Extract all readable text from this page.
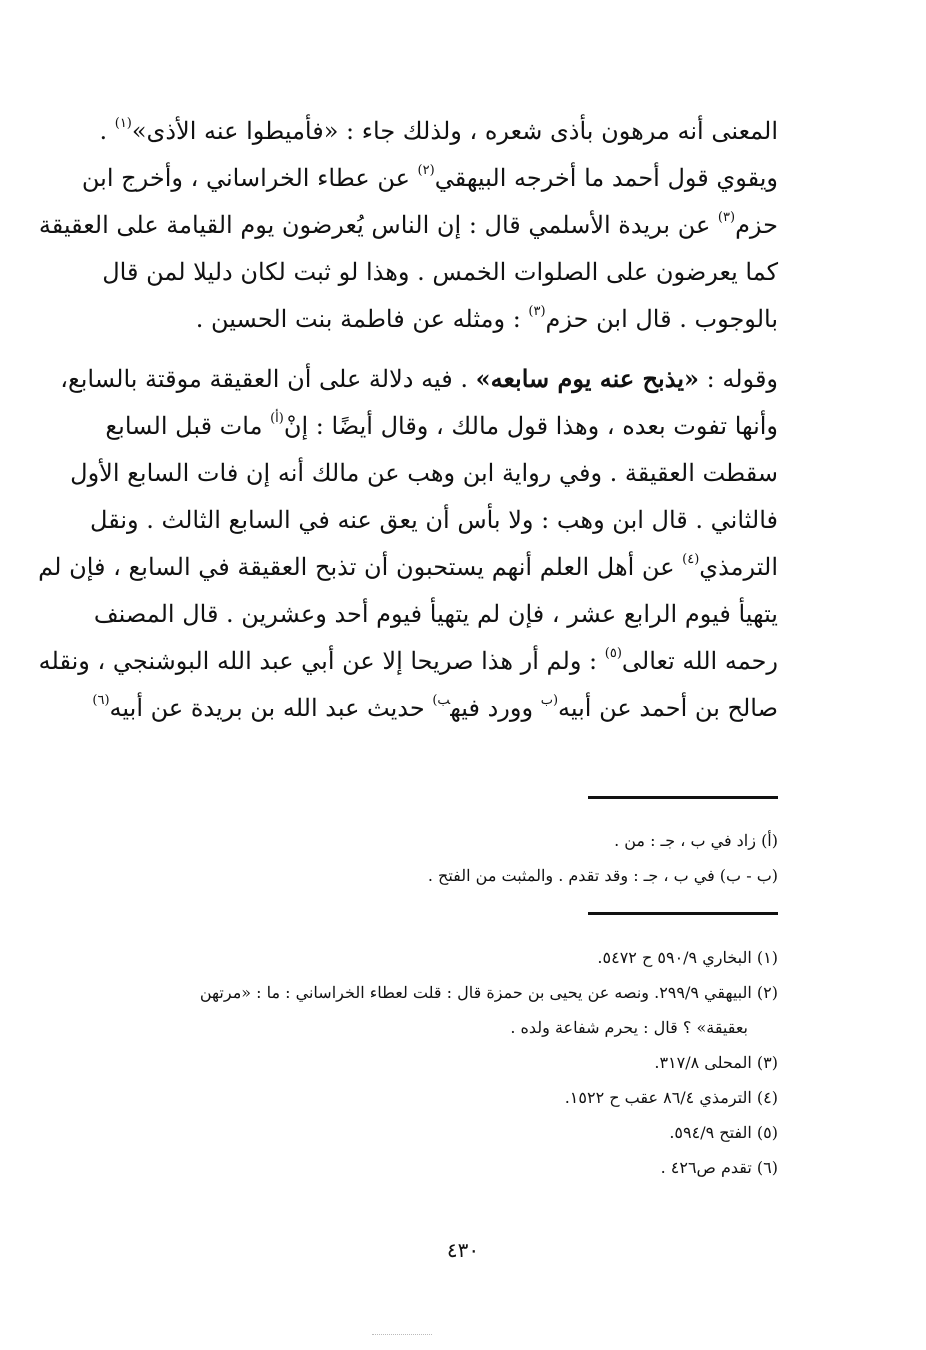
المعنى أنه مرهون بأذى شعره ، ولذلك جاء : «فأميطوا عنه الأذى»$^{(١)}$ .
ويقوي قول أحمد ما أخرجه البيهقي$^{(٢)}$ عن عطاء الخراساني ، وأخرج ابن
حزم$^{(٣)}$ عن بريدة الأسلمي قال : إن الناس يُعرضون يوم القيامة على العقيقة
كما يعرضون على الصلوات الخمس . وهذا لو ثبت لكان دليلا لمن قال
بالوجوب . قال ابن حزم$^{(٣)}$ : ومثله عن فاطمة بنت الحسين .

وقوله : «يذبح عنه يوم سابعه» . فيه دلالة على أن العقيقة موقتة بالسابع،
وأنها تفوت بعده ، وهذا قول مالك ، وقال أيضًا : إنْ$^{(أ)}$ مات قبل السابع
سقطت العقيقة . وفي رواية ابن وهب عن مالك أنه إن فات السابع الأول
فالثاني . قال ابن وهب : ولا بأس أن يعق عنه في السابع الثالث . ونقل
الترمذي$^{(٤)}$ عن أهل العلم أنهم يستحبون أن تذبح العقيقة في السابع ، فإن لم
يتهيأ فيوم الرابع عشر ، فإن لم يتهيأ فيوم أحد وعشرين . قال المصنف
رحمه الله تعالى$^{(٥)}$ : ولم أر هذا صريحا إلا عن أبي عبد الله البوشنجي ، ونقله
صالح بن أحمد عن أبيه$^{(ب}$ وورد فيه$^{ب)}$ حديث عبد الله بن بريدة عن أبيه$^{(٦)}$

(أ) زاد في ب ، جـ : من .
(ب - ب) في ب ، جـ : وقد تقدم . والمثبت من الفتح .
(١) البخاري ٥٩٠/٩ ح ٥٤٧٢.
(٢) البيهقي ٢٩٩/٩. ونصه عن يحيى بن حمزة قال : قلت لعطاء الخراساني : ما : «مرتهن
بعقيقة» ؟ قال : يحرم شفاعة ولده .
(٣) المحلى ٣١٧/٨.
(٤) الترمذي ٨٦/٤ عقب ح ١٥٢٢.
(٥) الفتح ٥٩٤/٩.
(٦) تقدم ص٤٢٦ .
٤٣٠
